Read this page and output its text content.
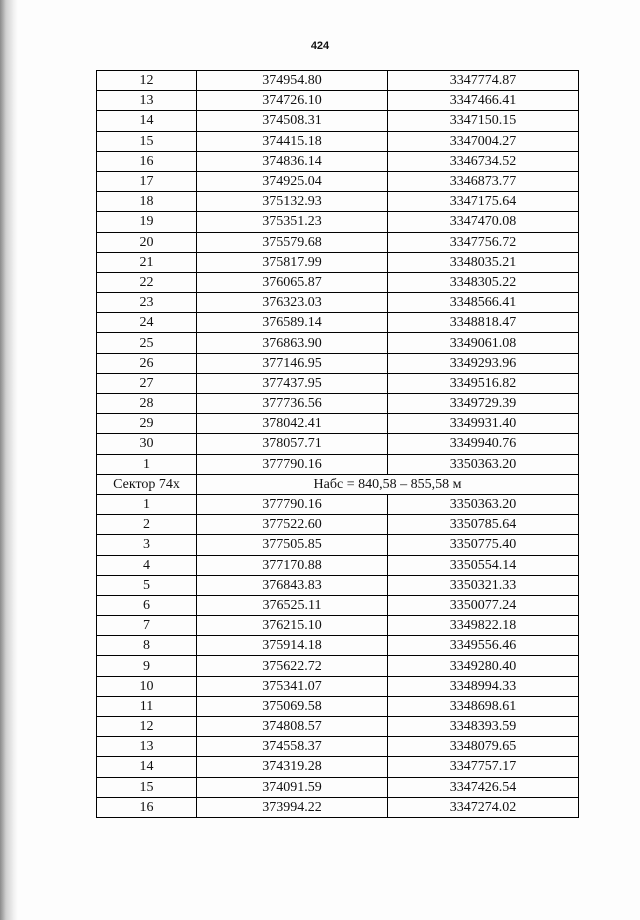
424
12	374954.80	3347774.87
13	374726.10	3347466.41
14	374508.31	3347150.15
15	374415.18	3347004.27
16	374836.14	3346734.52
17	374925.04	3346873.77
18	375132.93	3347175.64
19	375351.23	3347470.08
20	375579.68	3347756.72
21	375817.99	3348035.21
22	376065.87	3348305.22
23	376323.03	3348566.41
24	376589.14	3348818.47
25	376863.90	3349061.08
26	377146.95	3349293.96
27	377437.95	3349516.82
28	377736.56	3349729.39
29	378042.41	3349931.40
30	378057.71	3349940.76
1	377790.16	3350363.20
Сектор 74х	Набс = 840,58 – 855,58 м	
1	377790.16	3350363.20
2	377522.60	3350785.64
3	377505.85	3350775.40
4	377170.88	3350554.14
5	376843.83	3350321.33
6	376525.11	3350077.24
7	376215.10	3349822.18
8	375914.18	3349556.46
9	375622.72	3349280.40
10	375341.07	3348994.33
11	375069.58	3348698.61
12	374808.57	3348393.59
13	374558.37	3348079.65
14	374319.28	3347757.17
15	374091.59	3347426.54
16	373994.22	3347274.02
